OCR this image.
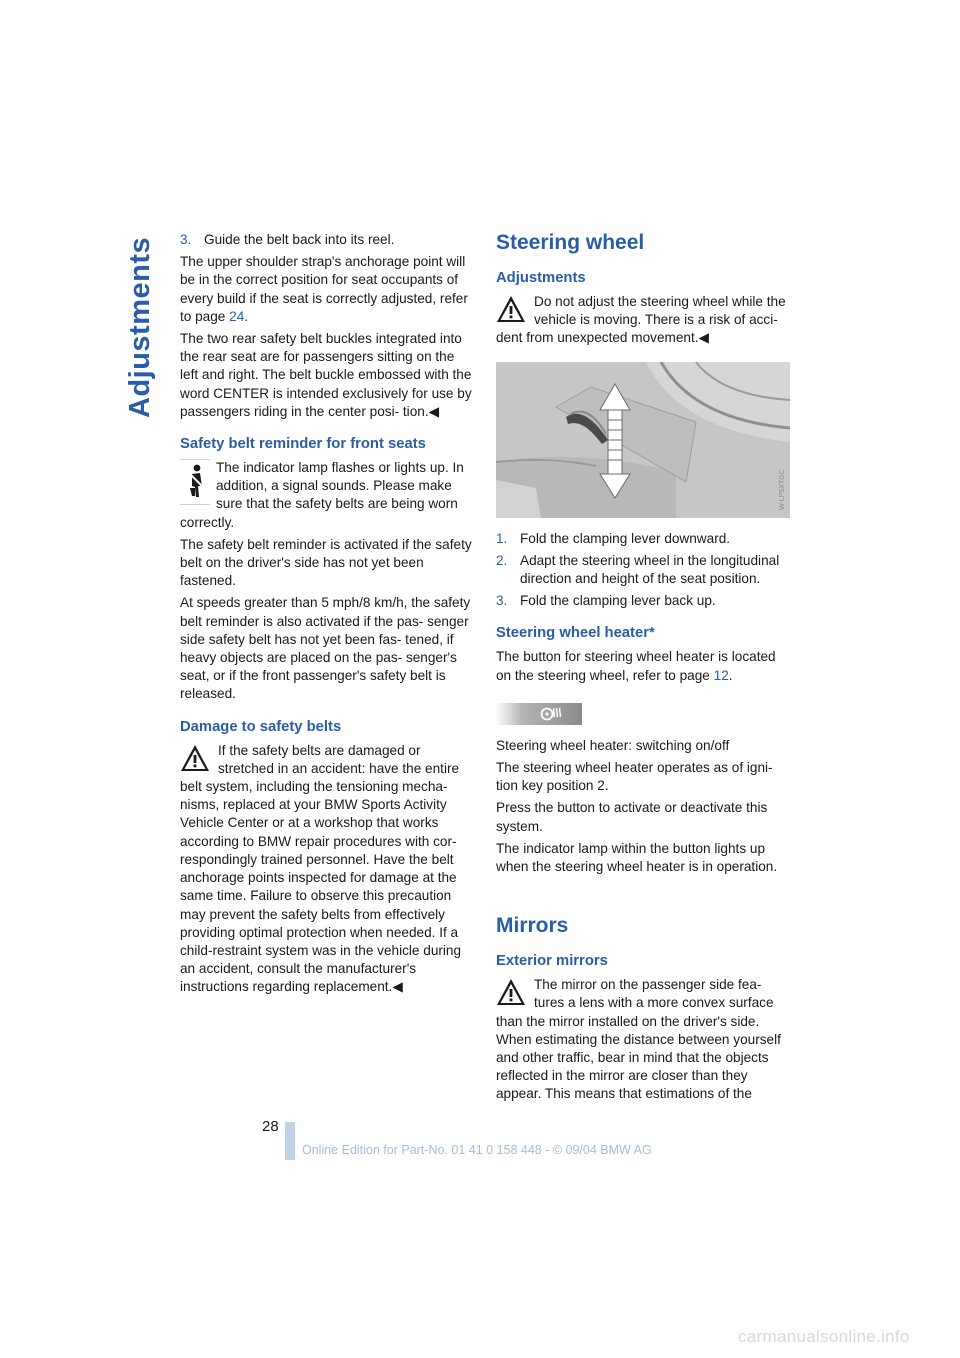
Adjustments 3. Guide the belt back into its reel.

The upper shoulder strap's anchorage point will be in the correct position for seat occupants of every build if the seat is correctly adjusted, refer to page 24.

The two rear safety belt buckles integrated into the rear seat are for passengers sitting on the left and right. The belt buckle embossed with the word CENTER is intended exclusively for use by passengers riding in the center posi- tion.◀

Safety belt reminder for front seats
The indicator lamp flashes or lights up. In addition, a signal sounds. Please make sure that the safety belts are being worn correctly.

The safety belt reminder is activated if the safety belt on the driver's side has not yet been fastened.

At speeds greater than 5 mph/8 km/h, the safety belt reminder is also activated if the pas- senger side safety belt has not yet been fas- tened, if heavy objects are placed on the pas- senger's seat, or if the front passenger's safety belt is released.

Damage to safety belts
If the safety belts are damaged or stretched in an accident: have the entire belt system, including the tensioning mecha- nisms, replaced at your BMW Sports Activity Vehicle Center or at a workshop that works according to BMW repair procedures with cor- respondingly trained personnel. Have the belt anchorage points inspected for damage at the same time. Failure to observe this precaution may prevent the safety belts from effectively providing optimal protection when needed. If a child-restraint system was in the vehicle during an accident, consult the manufacturer's instructions regarding replacement.◀
Steering wheel
Adjustments
Do not adjust the steering wheel while the vehicle is moving. There is a risk of acci- dent from unexpected movement.◀
W-LP5XTGC
1. Fold the clamping lever downward.
2. Adapt the steering wheel in the longitudinal direction and height of the seat position.
3. Fold the clamping lever back up.
Steering wheel heater*

The button for steering wheel heater is located on the steering wheel, refer to page 12.

Steering wheel heater: switching on/off

The steering wheel heater operates as of igni- tion key position 2.

Press the button to activate or deactivate this system.

The indicator lamp within the button lights up when the steering wheel heater is in operation.

Mirrors
Exterior mirrors
The mirror on the passenger side fea- tures a lens with a more convex surface than the mirror installed on the driver's side. When estimating the distance between yourself and other traffic, bear in mind that the objects reflected in the mirror are closer than they appear. This means that estimations of the
28
Online Edition for Part-No. 01 41 0 158 448 - © 09/04 BMW AG
carmanualsonline.info
